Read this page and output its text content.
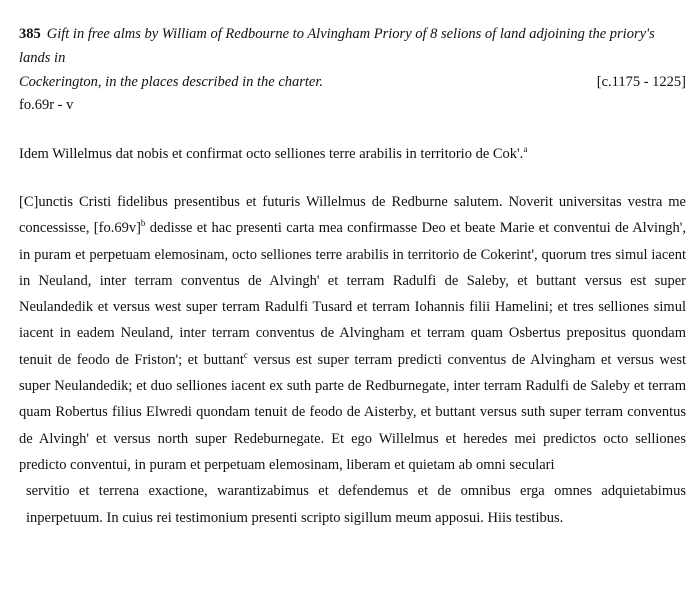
385 Gift in free alms by William of Redbourne to Alvingham Priory of 8 selions of land adjoining the priory's lands in

Cockerington, in the places described in the charter.	[c.1175 - 1225]

fo.69r - v

Idem Willelmus dat nobis et confirmat octo selliones terre arabilis in territorio de Cok'.$^a$

[C]unctis Cristi fidelibus presentibus et futuris Willelmus de Redburne salutem. Noverit universitas vestra me concessisse, $[fo.69v]^b$ dedisse et hac presenti carta mea confirmasse Deo et beate Marie et conventui de Alvingh', in puram et perpetuam elemosinam, octo selliones terre arabilis in territorio de Cokerint', quorum tres simul iacent in Neuland, inter terram conventus de Alvingh' et terram Radulfi de Saleby, et buttant versus est super Neulandedik et versus west super terram Radulfi Tusard et terram Iohannis filii Hamelini; et tres selliones simul iacent in eadem Neuland, inter terram conventus de Alvingham et terram quam Osbertus prepositus quondam tenuit de feodo de Friston'; et buttant$^c$ versus est super terram predicti conventus de Alvingham et versus west super Neulandedik; et duo selliones iacent ex suth parte de Redburnegate, inter terram Radulfi de Saleby et terram quam Robertus filius Elwredi quondam tenuit de feodo de Aisterby, et buttant versus suth super terram conventus de Alvingh' et versus north super Redeburnegate. Et ego Willelmus et heredes mei predictos octo selliones predicto conventui, in puram et perpetuam elemosinam, liberam et quietam ab omni seculari

servitio et terrena exactione, warantizabimus et defendemus et de omnibus erga omnes adquietabimus inperpetuum. In cuius rei testimonium presenti scripto sigillum meum apposui. Hiis testibus.
